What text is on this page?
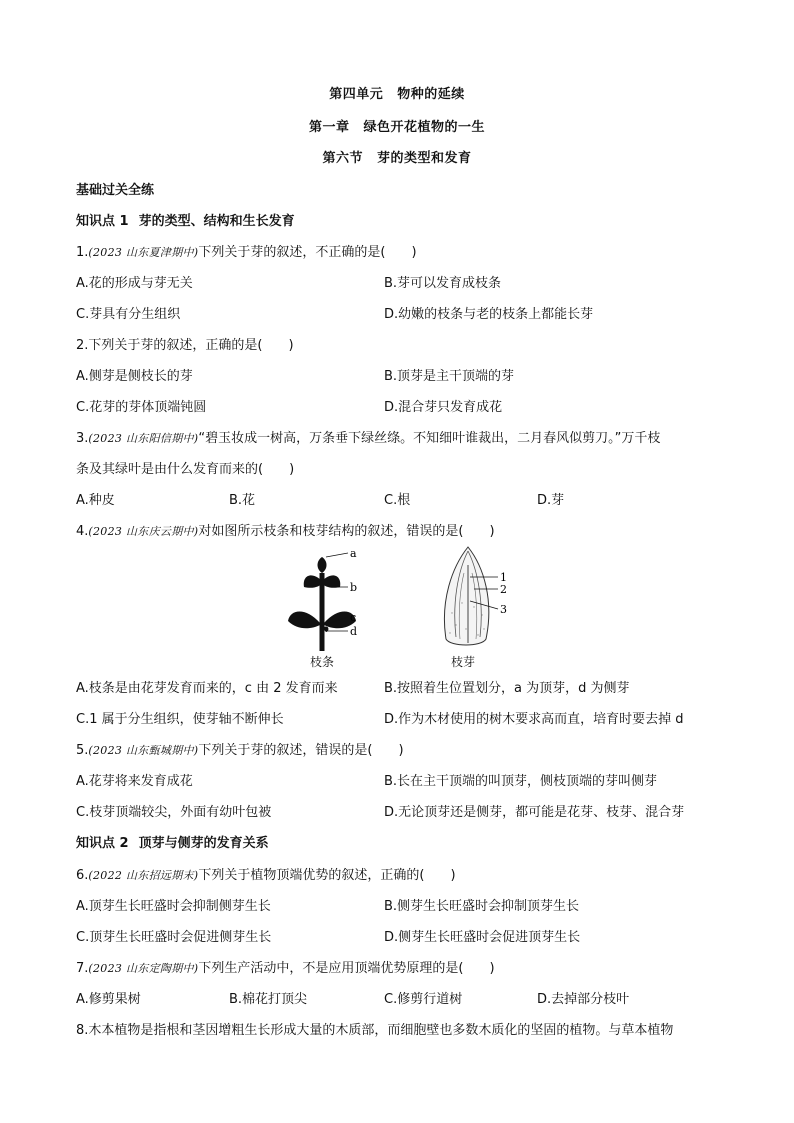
第四单元 物种的延续
第一章 绿色开花植物的一生
第六节 芽的类型和发育
基础过关全练
知识点 1 芽的类型、结构和生长发育
1.(2023 山东夏津期中)下列关于芽的叙述，不正确的是( )
A.花的形成与芽无关	B.芽可以发育成枝条
C.芽具有分生组织	D.幼嫩的枝条与老的枝条上都能长芽
2.下列关于芽的叙述，正确的是( )
A.侧芽是侧枝长的芽	B.顶芽是主干顶端的芽
C.花芽的芽体顶端钝圆	D.混合芽只发育成花
3.(2023 山东阳信期中)“碧玉妆成一树高，万条垂下绿丝绦。不知细叶谁裁出，二月春风似剪刀。”万千枝
条及其绿叶是由什么发育而来的( )
A.种皮	B.花	C.根	D.芽
4.(2023 山东庆云期中)对如图所示枝条和枝芽结构的叙述，错误的是( )
a
b
c
d
1
2
3
枝条	枝芽
A.枝条是由花芽发育而来的，c 由 2 发育而来	B.按照着生位置划分，a 为顶芽，d 为侧芽
C.1 属于分生组织，使芽轴不断伸长	D.作为木材使用的树木要求高而直，培育时要去掉 d
5.(2023 山东甄城期中)下列关于芽的叙述，错误的是( )
A.花芽将来发育成花	B.长在主干顶端的叫顶芽，侧枝顶端的芽叫侧芽
C.枝芽顶端较尖，外面有幼叶包被	D.无论顶芽还是侧芽，都可能是花芽、枝芽、混合芽
知识点 2 顶芽与侧芽的发育关系
6.(2022 山东招远期末)下列关于植物顶端优势的叙述，正确的( )
A.顶芽生长旺盛时会抑制侧芽生长	B.侧芽生长旺盛时会抑制顶芽生长
C.顶芽生长旺盛时会促进侧芽生长	D.侧芽生长旺盛时会促进顶芽生长
7.(2023 山东定陶期中)下列生产活动中，不是应用顶端优势原理的是( )
A.修剪果树	B.棉花打顶尖	C.修剪行道树	D.去掉部分枝叶
8.木本植物是指根和茎因增粗生长形成大量的木质部，而细胞壁也多数木质化的坚固的植物。与草本植物
